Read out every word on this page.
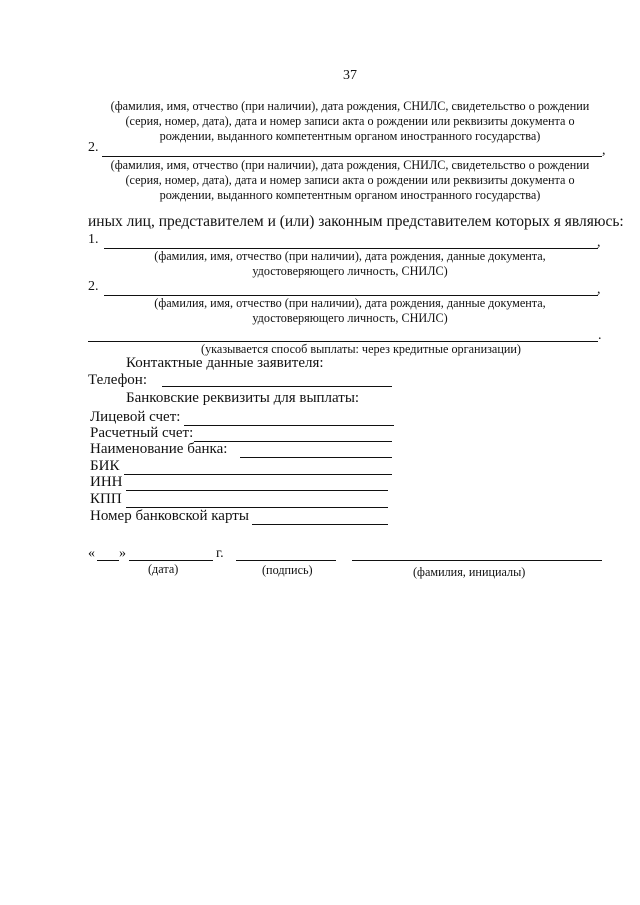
37
(фамилия, имя, отчество (при наличии), дата рождения, СНИЛС, свидетельство о рождении
(серия, номер, дата), дата и номер записи акта о рождении или реквизиты документа о
рождении, выданного компетентным органом иностранного государства)
2.	,
(фамилия, имя, отчество (при наличии), дата рождения, СНИЛС, свидетельство о рождении
(серия, номер, дата), дата и номер записи акта о рождении или реквизиты документа о
рождении, выданного компетентным органом иностранного государства)
иных лиц, представителем и (или) законным представителем которых я являюсь:
1.	,
(фамилия, имя, отчество (при наличии), дата рождения, данные документа,
удостоверяющего личность, СНИЛС)
2.	,
(фамилия, имя, отчество (при наличии), дата рождения, данные документа,
удостоверяющего личность, СНИЛС)
.
(указывается способ выплаты: через кредитные организации)
Контактные данные заявителя:
Телефон:
Банковские реквизиты для выплаты:
Лицевой счет:
Расчетный счет:
Наименование банка:
БИК
ИНН
КПП
Номер банковской карты
« »	г.
(дата)	(подпись)	(фамилия, инициалы)
